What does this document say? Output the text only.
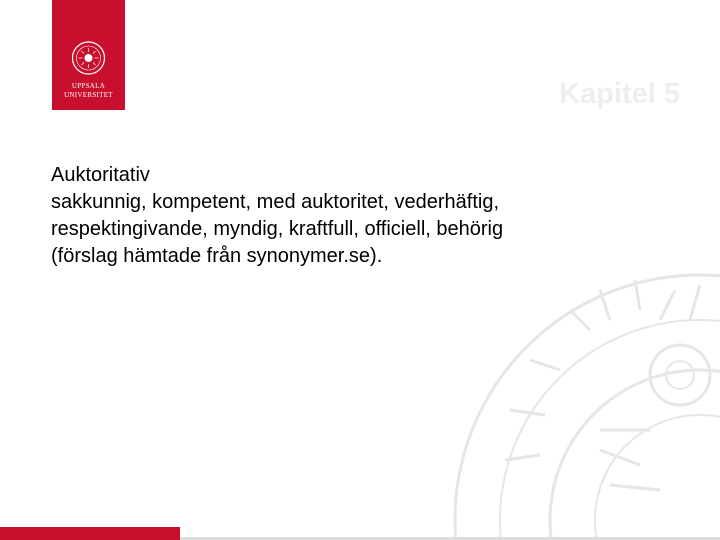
UPPSALA
UNIVERSITET	Kapitel 5
Auktoritativ
sakkunnig, kompetent, med auktoritet, vederhäftig,
respektingivande, myndig, kraftfull, officiell, behörig
(förslag hämtade från synonymer.se).
